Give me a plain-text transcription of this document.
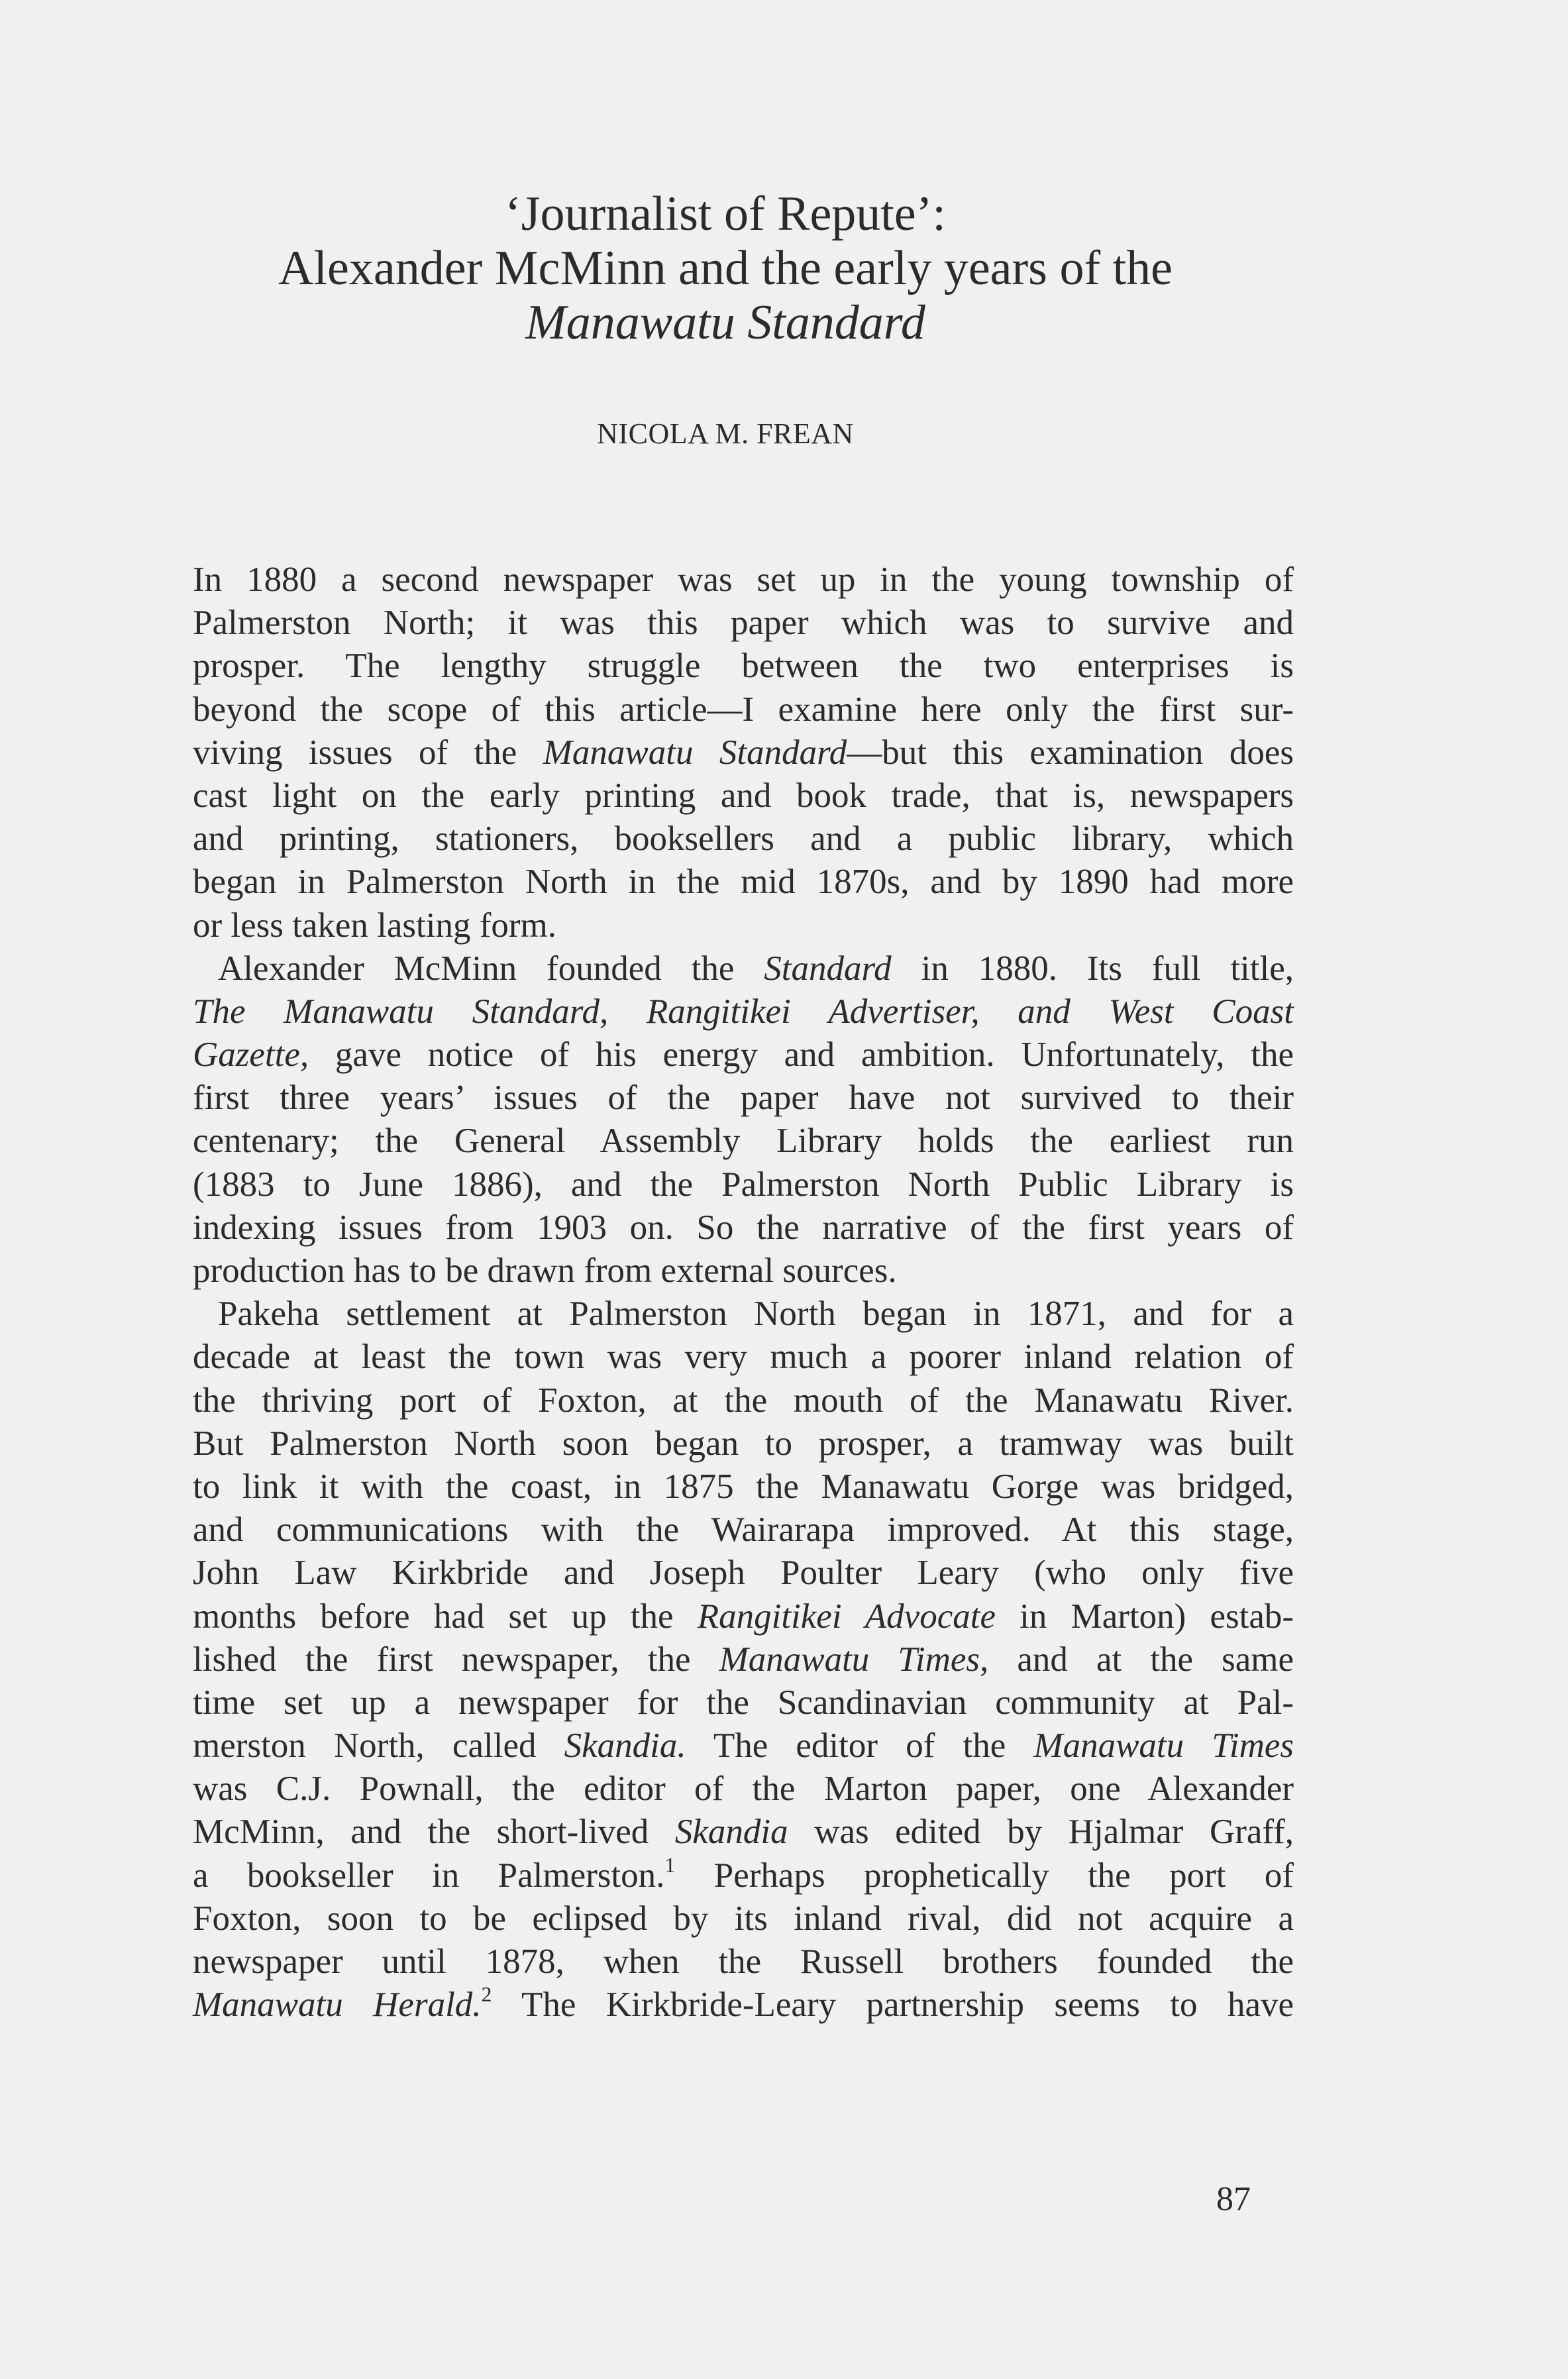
‘Journalist of Repute’:
Alexander McMinn and the early years of the
Manawatu Standard
NICOLA M. FREAN
In 1880 a second newspaper was set up in the young township of
Palmerston North; it was this paper which was to survive and
prosper. The lengthy struggle between the two enterprises is
beyond the scope of this article—I examine here only the first sur-
viving issues of the Manawatu Standard—but this examination does
cast light on the early printing and book trade, that is, newspapers
and printing, stationers, booksellers and a public library, which
began in Palmerston North in the mid 1870s, and by 1890 had more
or less taken lasting form.
Alexander McMinn founded the Standard in 1880. Its full title,
The Manawatu Standard, Rangitikei Advertiser, and West Coast
Gazette, gave notice of his energy and ambition. Unfortunately, the
first three years’ issues of the paper have not survived to their
centenary; the General Assembly Library holds the earliest run
(1883 to June 1886), and the Palmerston North Public Library is
indexing issues from 1903 on. So the narrative of the first years of
production has to be drawn from external sources.
Pakeha settlement at Palmerston North began in 1871, and for a
decade at least the town was very much a poorer inland relation of
the thriving port of Foxton, at the mouth of the Manawatu River.
But Palmerston North soon began to prosper, a tramway was built
to link it with the coast, in 1875 the Manawatu Gorge was bridged,
and communications with the Wairarapa improved. At this stage,
John Law Kirkbride and Joseph Poulter Leary (who only five
months before had set up the Rangitikei Advocate in Marton) estab-
lished the first newspaper, the Manawatu Times, and at the same
time set up a newspaper for the Scandinavian community at Pal-
merston North, called Skandia. The editor of the Manawatu Times
was C.J. Pownall, the editor of the Marton paper, one Alexander
McMinn, and the short-lived Skandia was edited by Hjalmar Graff,
a bookseller in Palmerston.$^1$ Perhaps prophetically the port of
Foxton, soon to be eclipsed by its inland rival, did not acquire a
newspaper until 1878, when the Russell brothers founded the
Manawatu Herald.$^2$ The Kirkbride-Leary partnership seems to have
87
